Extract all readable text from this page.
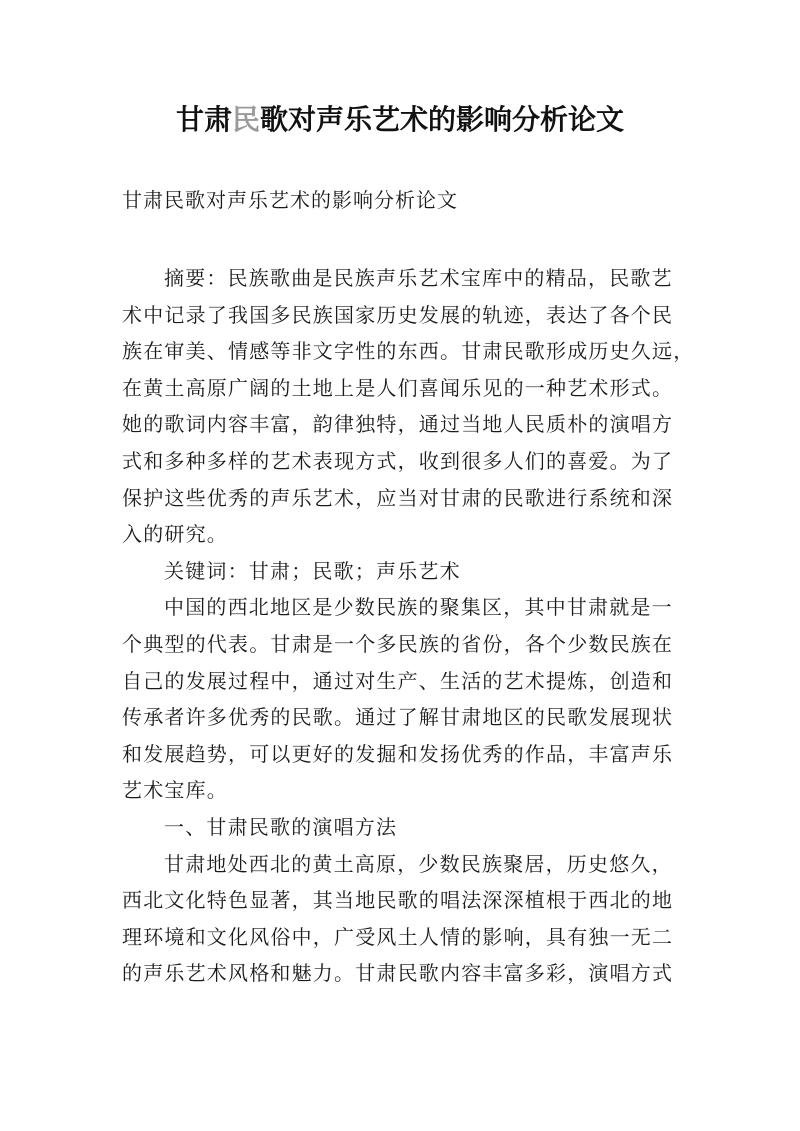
甘肃民歌对声乐艺术的影响分析论文

甘肃民歌对声乐艺术的影响分析论文

摘要：民族歌曲是民族声乐艺术宝库中的精品，民歌艺
术中记录了我国多民族国家历史发展的轨迹，表达了各个民
族在审美、情感等非文字性的东西。甘肃民歌形成历史久远，
在黄土高原广阔的土地上是人们喜闻乐见的一种艺术形式。
她的歌词内容丰富，韵律独特，通过当地人民质朴的演唱方
式和多种多样的艺术表现方式，收到很多人们的喜爱。为了
保护这些优秀的声乐艺术，应当对甘肃的民歌进行系统和深
入的研究。
关键词：甘肃；民歌；声乐艺术
中国的西北地区是少数民族的聚集区，其中甘肃就是一
个典型的代表。甘肃是一个多民族的省份，各个少数民族在
自己的发展过程中，通过对生产、生活的艺术提炼，创造和
传承者许多优秀的民歌。通过了解甘肃地区的民歌发展现状
和发展趋势，可以更好的发掘和发扬优秀的作品，丰富声乐
艺术宝库。
一、甘肃民歌的演唱方法
甘肃地处西北的黄土高原，少数民族聚居，历史悠久，
西北文化特色显著，其当地民歌的唱法深深植根于西北的地
理环境和文化风俗中，广受风土人情的影响，具有独一无二
的声乐艺术风格和魅力。甘肃民歌内容丰富多彩，演唱方式
